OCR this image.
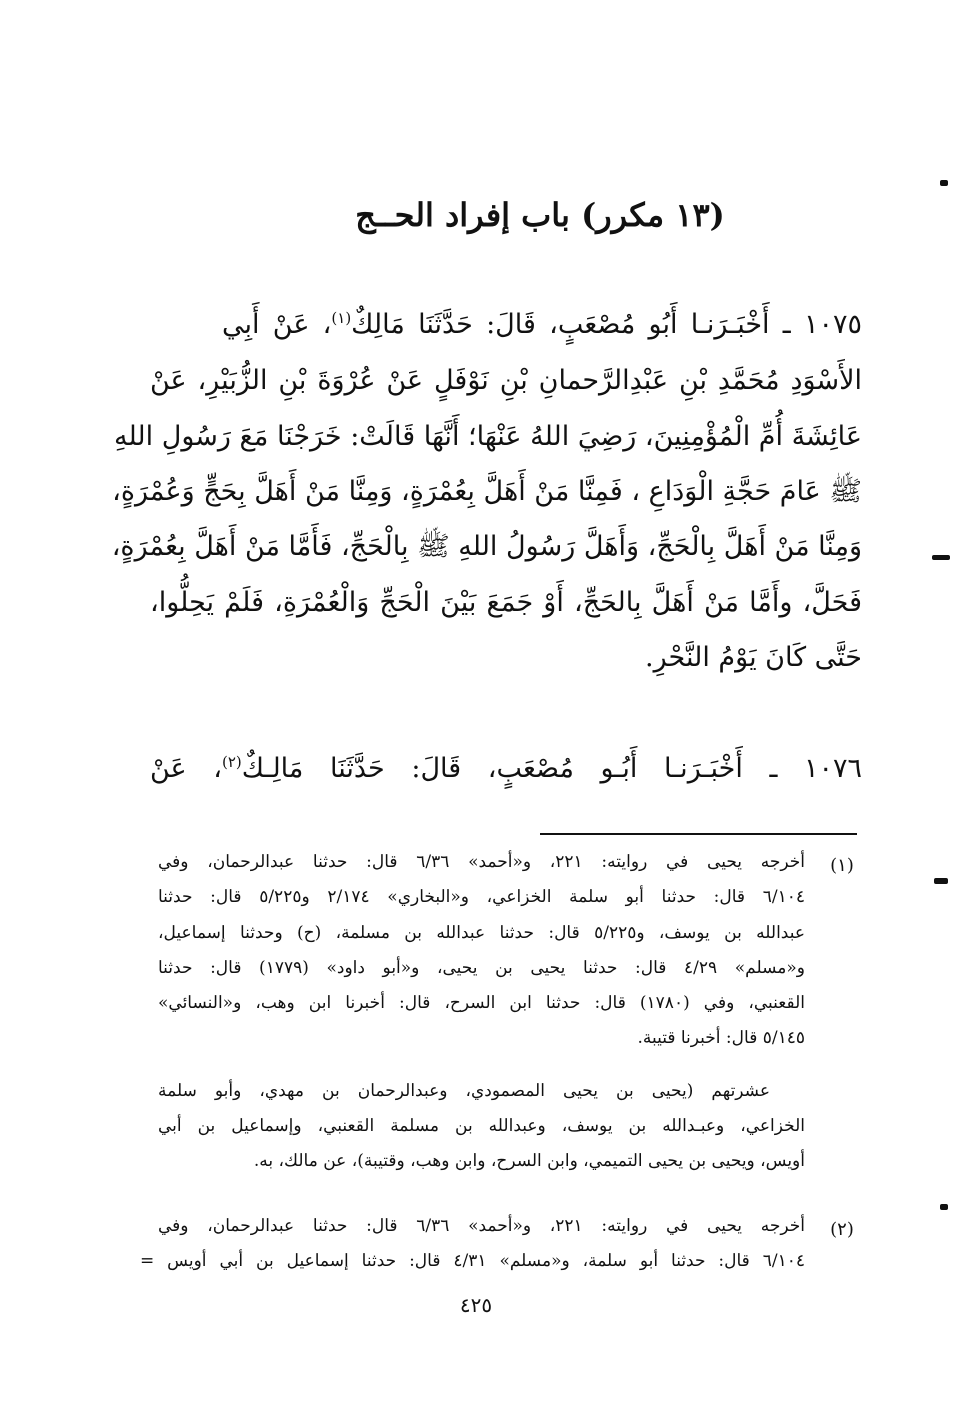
(١٣ مكرر) باب إفراد الحــج
١٠٧٥ ـ أَخْبَـرَنـا أَبُو مُصْعَبٍ، قَالَ: حَدَّثَنَا مَالِكٌ$^{(١)}$، عَنْ أَبِي
الأَسْوَدِ مُحَمَّدِ بْنِ عَبْدِالرَّحمانِ بْنِ نَوْفَلٍ عَنْ عُرْوَةَ بْنِ الزُّبَيْرِ، عَنْ
عَائِشَةَ أُمِّ الْمُؤْمِنِينَ، رَضِيَ اللهُ عَنْهَا؛ أَنَّهَا قَالَتْ: خَرَجْنَا مَعَ رَسُولِ اللهِ
ﷺ عَامَ حَجَّةِ الْوَدَاعِ ، فَمِنَّا مَنْ أَهَلَّ بِعُمْرَةٍ، وَمِنَّا مَنْ أَهَلَّ بِحَجٍّ وَعُمْرَةٍ،
وَمِنَّا مَنْ أَهَلَّ بِالْحَجِّ، وَأَهَلَّ رَسُولُ اللهِ ﷺ بِالْحَجِّ، فَأَمَّا مَنْ أَهَلَّ بِعُمْرَةٍ،
فَحَلَّ، وأَمَّا مَنْ أَهَلَّ بِالحَجِّ، أَوْ جَمَعَ بَيْنَ الْحَجِّ وَالْعُمْرَةِ، فَلَمْ يَحِلُّوا،
حَتَّى كَانَ يَوْمُ النَّحْرِ.
١٠٧٦ ـ أَخْبَـرَنـا أَبُـو مُصْعَبٍ، قَالَ: حَدَّثَنَا مَالِـكٌ$^{(٢)}$، عَنْ
(١)
أخرجه يحيى في روايته: ٢٢١، و«أحمد» ٦/٣٦ قال: حدثنا عبدالرحمان، وفي
٦/١٠٤ قال: حدثنا أبو سلمة الخزاعي، و«البخاري» ٢/١٧٤ و٥/٢٢٥ قال: حدثنا
عبدالله بن يوسف، و٥/٢٢٥ قال: حدثنا عبدالله بن مسلمة، (ح) وحدثنا إسماعيل،
و«مسلم» ٤/٢٩ قال: حدثنا يحيى بن يحيى، و«أبو داود» (١٧٧٩) قال: حدثنا
القعنبي، وفي (١٧٨٠) قال: حدثنا ابن السرح، قال: أخبرنا ابن وهب، و«النسائي»
٥/١٤٥ قال: أخبرنا قتيبة.
عشرتهم (يحيى بن يحيى المصمودي، وعبدالرحمان بن مهدي، وأبو سلمة
الخزاعي، وعبـدالله بن يوسف، وعبدالله بن مسلمة القعنبي، وإسماعيل بن أبي
أويس، ويحيى بن يحيى التميمي، وابن السرح، وابن وهب، وقتيبة)، عن مالك، به.
(٢)
أخرجه يحيى في روايته: ٢٢١، و«أحمد» ٦/٣٦ قال: حدثنا عبدالرحمان، وفي
٦/١٠٤ قال: حدثنا أبو سلمة، و«مسلم» ٤/٣١ قال: حدثنا إسماعيل بن أبي أويس =
٤٢٥
